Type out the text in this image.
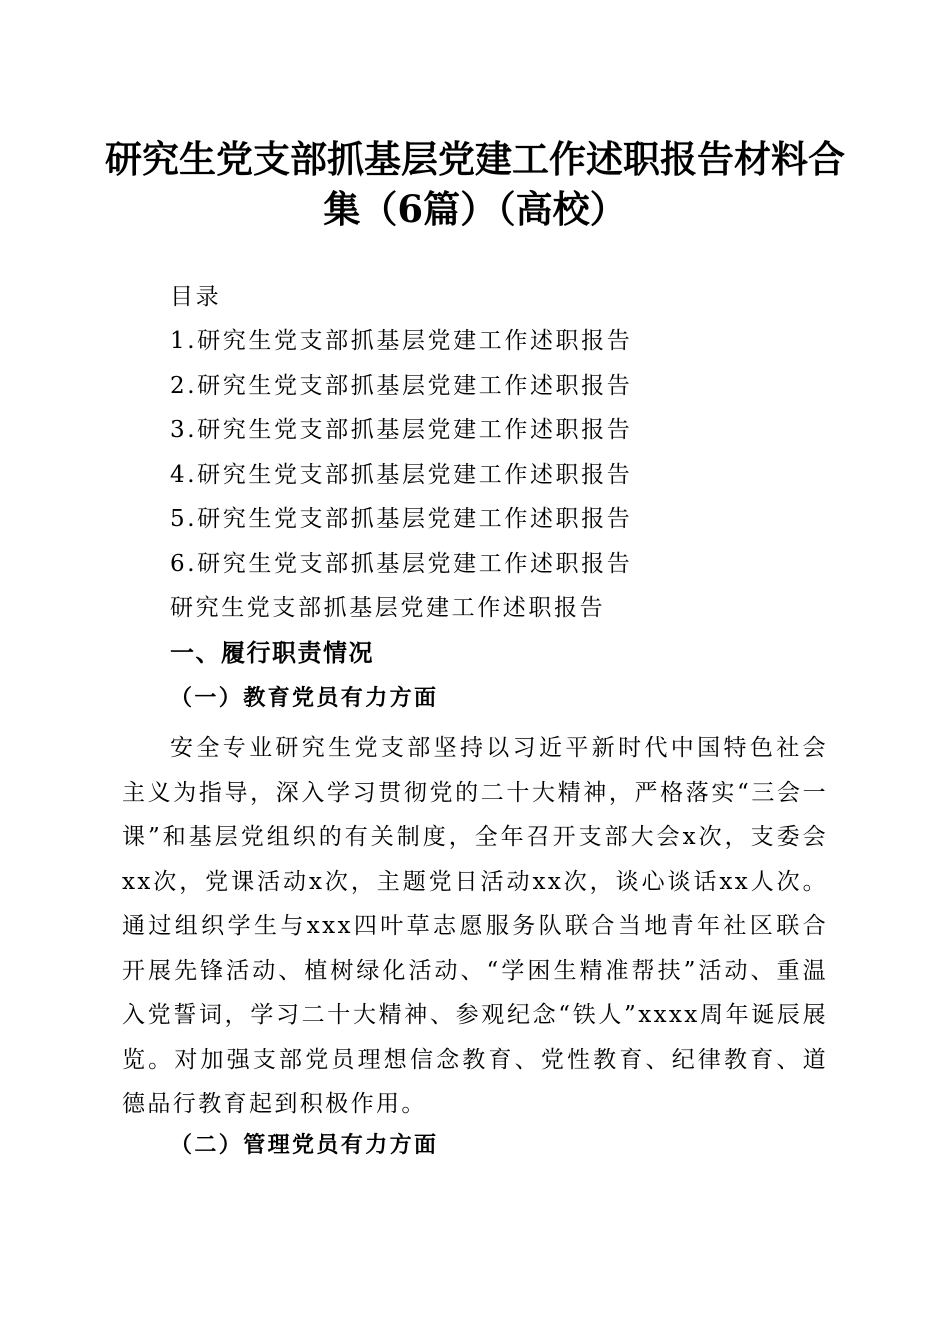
研究生党支部抓基层党建工作述职报告材料合
集（6篇）（高校）
目录
1.研究生党支部抓基层党建工作述职报告
2.研究生党支部抓基层党建工作述职报告
3.研究生党支部抓基层党建工作述职报告
4.研究生党支部抓基层党建工作述职报告
5.研究生党支部抓基层党建工作述职报告
6.研究生党支部抓基层党建工作述职报告
研究生党支部抓基层党建工作述职报告
一、履行职责情况
（一）教育党员有力方面
安全专业研究生党支部坚持以习近平新时代中国特色社会主义为指导，深入学习贯彻党的二十大精神，严格落实“三会一课”和基层党组织的有关制度，全年召开支部大会x次，支委会xx次，党课活动x次，主题党日活动xx次，谈心谈话xx人次。通过组织学生与xxx四叶草志愿服务队联合当地青年社区联合开展先锋活动、植树绿化活动、“学困生精准帮扶”活动、重温入党誓词，学习二十大精神、参观纪念“铁人”xxxx周年诞辰展览。对加强支部党员理想信念教育、党性教育、纪律教育、道德品行教育起到积极作用。
（二）管理党员有力方面
